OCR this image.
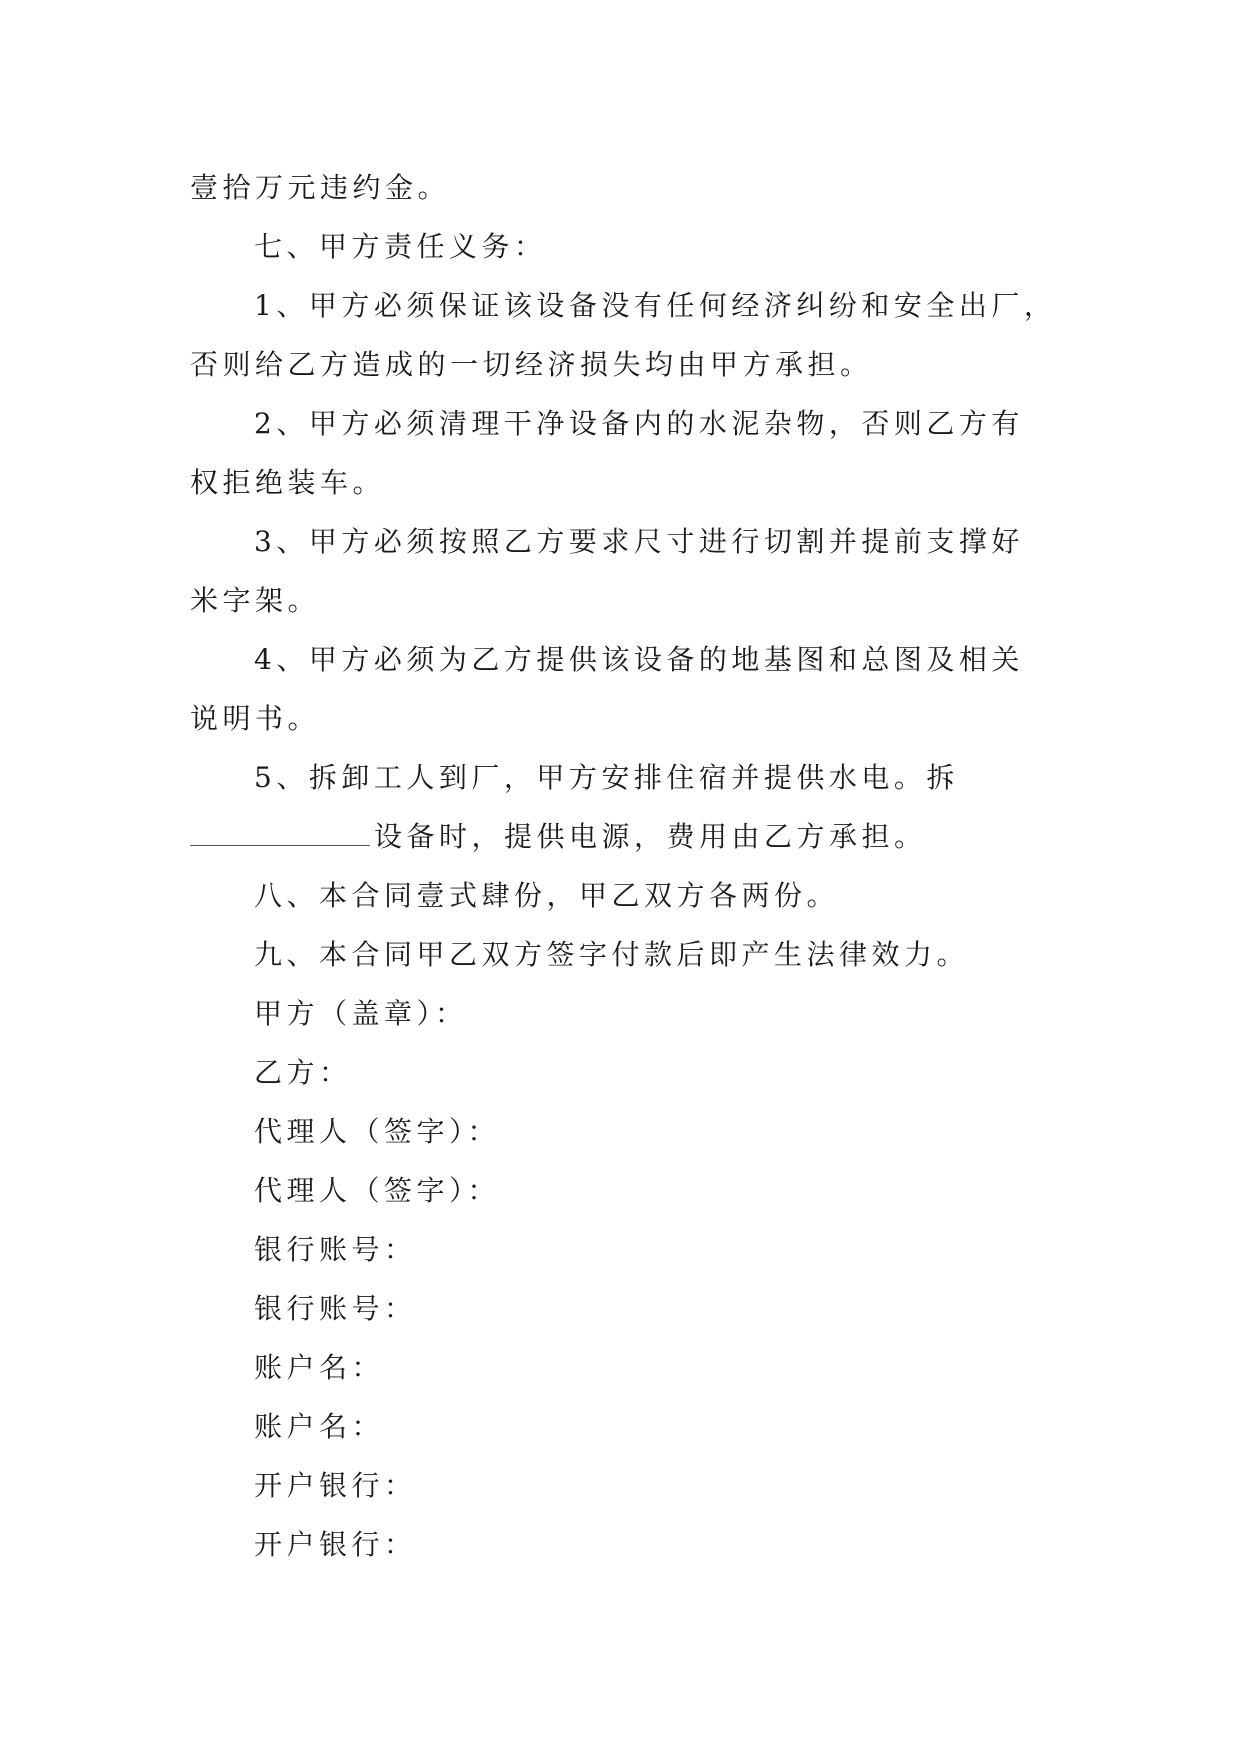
壹拾万元违约金。
七、甲方责任义务：
1、甲方必须保证该设备没有任何经济纠纷和安全出厂，
否则给乙方造成的一切经济损失均由甲方承担。
2、甲方必须清理干净设备内的水泥杂物，否则乙方有
权拒绝装车。
3、甲方必须按照乙方要求尺寸进行切割并提前支撑好
米字架。
4、甲方必须为乙方提供该设备的地基图和总图及相关
说明书。
5、拆卸工人到厂，甲方安排住宿并提供水电。拆
设备时，提供电源，费用由乙方承担。
八、本合同壹式肆份，甲乙双方各两份。
九、本合同甲乙双方签字付款后即产生法律效力。
甲方（盖章）：
乙方：
代理人（签字）：
代理人（签字）：
银行账号：
银行账号：
账户名：
账户名：
开户银行：
开户银行：
